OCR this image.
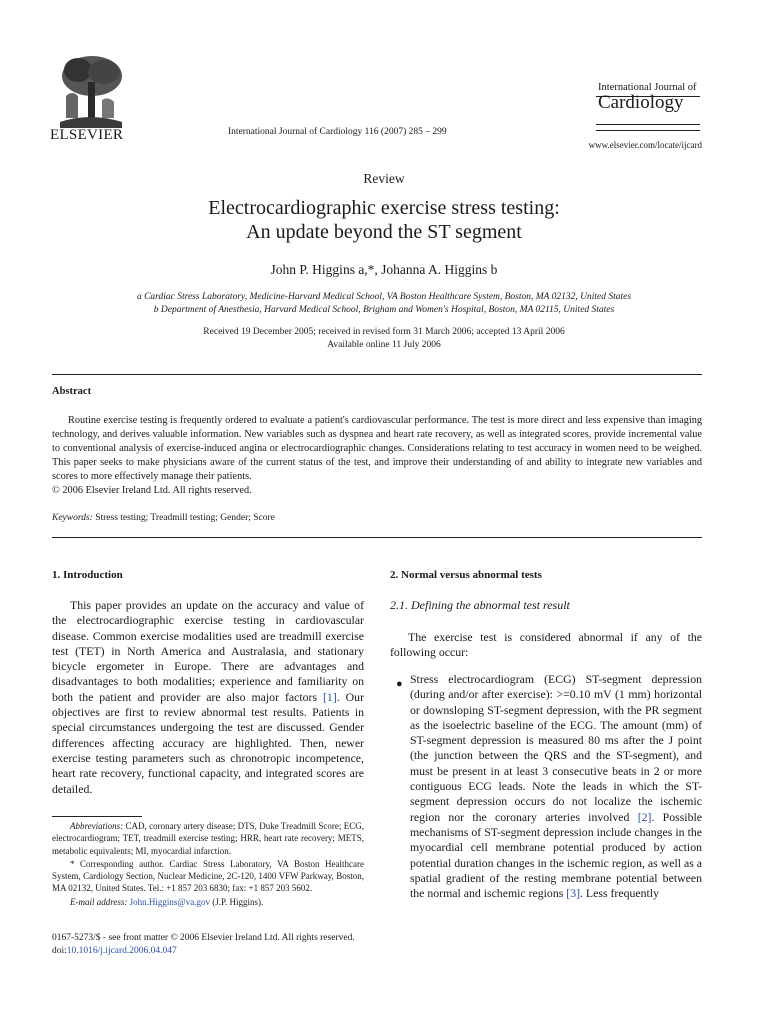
ELSEVIER	International Journal of Cardiology 116 (2007) 285 – 299
International Journal of
Cardiology
www.elsevier.com/locate/ijcard
Review
Electrocardiographic exercise stress testing:
An update beyond the ST segment
John P. Higgins a,*, Johanna A. Higgins b
a Cardiac Stress Laboratory, Medicine-Harvard Medical School, VA Boston Healthcare System, Boston, MA 02132, United States
b Department of Anesthesia, Harvard Medical School, Brigham and Women's Hospital, Boston, MA 02115, United States
Received 19 December 2005; received in revised form 31 March 2006; accepted 13 April 2006
Available online 11 July 2006
Abstract

Routine exercise testing is frequently ordered to evaluate a patient's cardiovascular performance. The test is more direct and less expensive than imaging technology, and derives valuable information. New variables such as dyspnea and heart rate recovery, as well as integrated scores, provide incremental value to conventional analysis of exercise-induced angina or electrocardiographic changes. Considerations relating to test accuracy in women need to be weighed. This paper seeks to make physicians aware of the current status of the test, and improve their understanding of and ability to integrate new variables and scores to more effectively manage their patients.

© 2006 Elsevier Ireland Ltd. All rights reserved.

Keywords: Stress testing; Treadmill testing; Gender; Score
1. Introduction

This paper provides an update on the accuracy and value of the electrocardiographic exercise testing in cardiovascular disease. Common exercise modalities used are treadmill exercise test (TET) in North America and Australasia, and stationary bicycle ergometer in Europe. There are advantages and disadvantages to both modalities; experience and familiarity on both the patient and provider are also major factors [1]. Our objectives are first to review abnormal test results. Patients in special circumstances undergoing the test are discussed. Gender differences affecting accuracy are highlighted. Then, newer exercise testing parameters such as chronotropic incompetence, heart rate recovery, functional capacity, and integrated scores are detailed.

Abbreviations: CAD, coronary artery disease; DTS, Duke Treadmill Score; ECG, electrocardiogram; TET, treadmill exercise testing; HRR, heart rate recovery; METS, metabolic equivalents; MI, myocardial infarction.

* Corresponding author. Cardiac Stress Laboratory, VA Boston Healthcare System, Cardiology Section, Nuclear Medicine, 2C-120, 1400 VFW Parkway, Boston, MA 02132, United States. Tel.: +1 857 203 6830; fax: +1 857 203 5602.

E-mail address: John.Higgins@va.gov (J.P. Higgins).

0167-5273/$ - see front matter © 2006 Elsevier Ireland Ltd. All rights reserved.
doi:10.1016/j.ijcard.2006.04.047
2. Normal versus abnormal tests
2.1. Defining the abnormal test result

The exercise test is considered abnormal if any of the following occur:

● Stress electrocardiogram (ECG) ST-segment depression (during and/or after exercise): >=0.10 mV (1 mm) horizontal or downsloping ST-segment depression, with the PR segment as the isoelectric baseline of the ECG. The amount (mm) of ST-segment depression is measured 80 ms after the J point (the junction between the QRS and the ST-segment), and must be present in at least 3 consecutive beats in 2 or more contiguous ECG leads. Note the leads in which the ST-segment depression occurs do not localize the ischemic region nor the coronary arteries involved [2]. Possible mechanisms of ST-segment depression include changes in the myocardial cell membrane potential produced by action potential duration changes in the ischemic region, as well as a spatial gradient of the resting membrane potential between the normal and ischemic regions [3]. Less frequently
